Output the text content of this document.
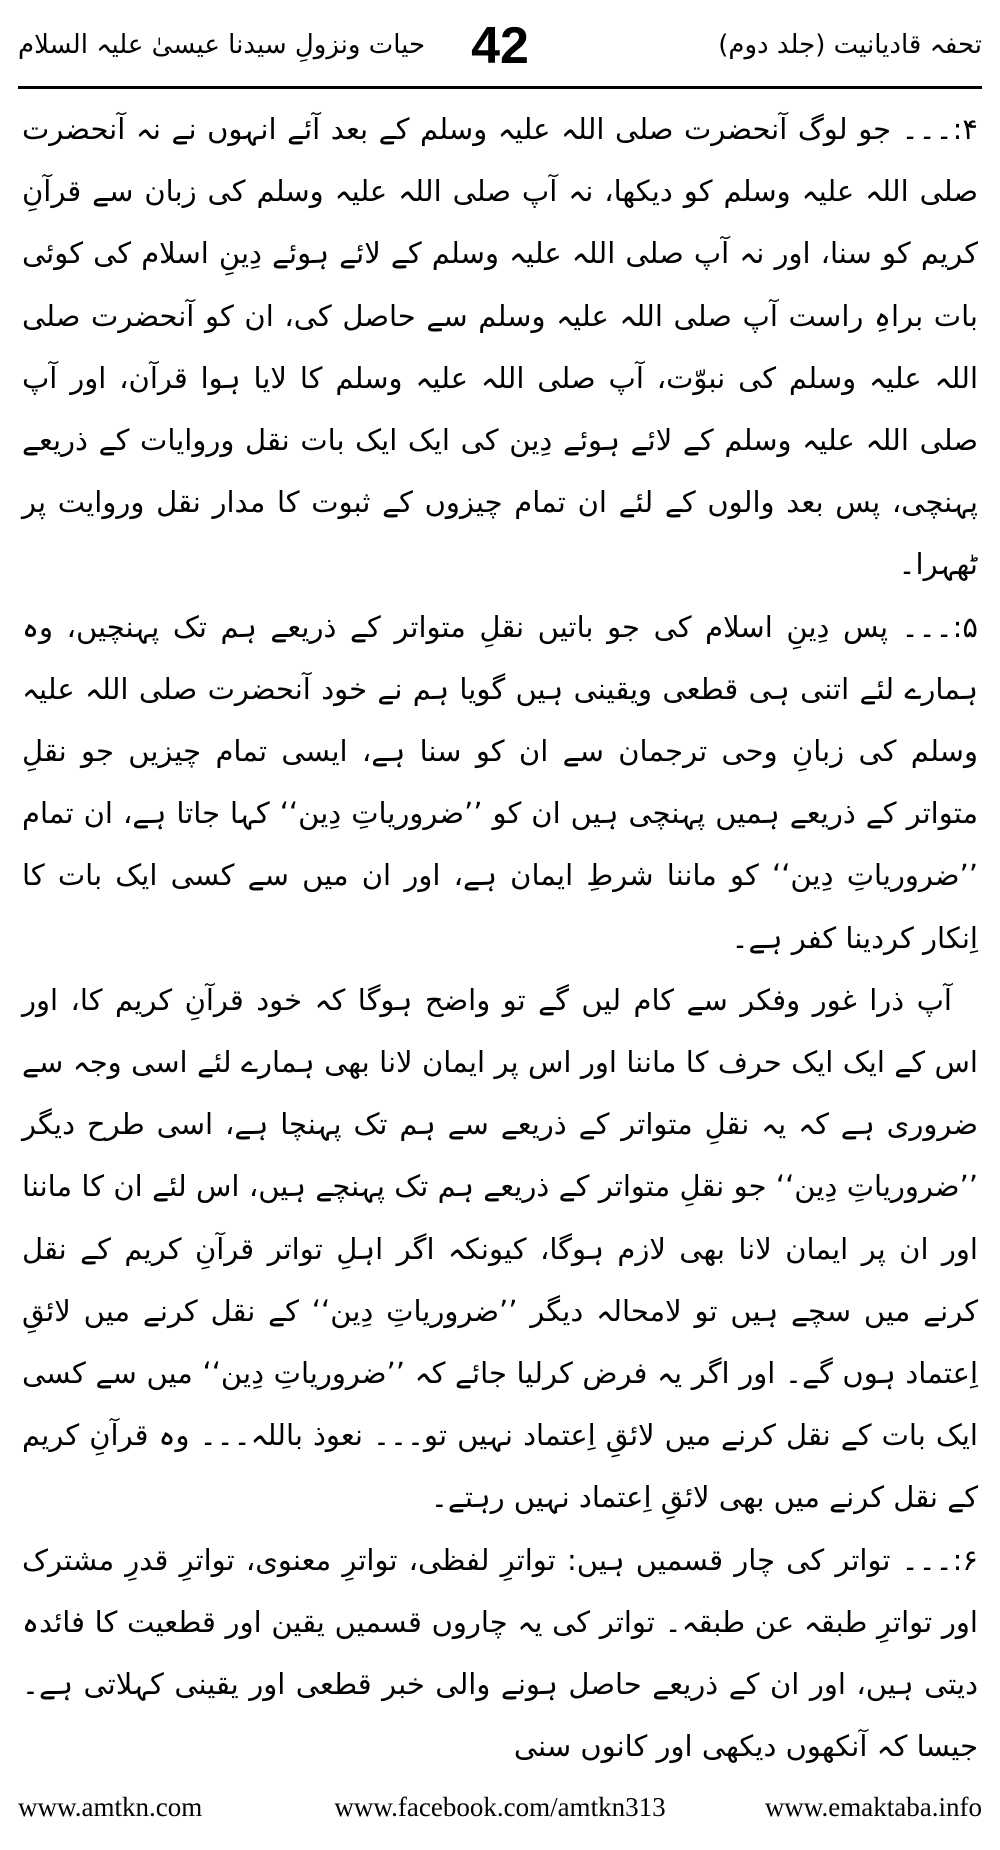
تحفہ قادیانیت (جلد دوم)
42
حیات ونزولِ سیدنا عیسیٰ علیہ السلام

۴:۔۔۔ جو لوگ آنحضرت صلی اللہ علیہ وسلم کے بعد آئے انہوں نے نہ آنحضرت صلی اللہ علیہ وسلم کو دیکھا، نہ آپ صلی اللہ علیہ وسلم کی زبان سے قرآنِ کریم کو سنا، اور نہ آپ صلی اللہ علیہ وسلم کے لائے ہوئے دِینِ اسلام کی کوئی بات براہِ راست آپ صلی اللہ علیہ وسلم سے حاصل کی، ان کو آنحضرت صلی اللہ علیہ وسلم کی نبوّت، آپ صلی اللہ علیہ وسلم کا لایا ہوا قرآن، اور آپ صلی اللہ علیہ وسلم کے لائے ہوئے دِین کی ایک ایک بات نقل وروایات کے ذریعے پہنچی، پس بعد والوں کے لئے ان تمام چیزوں کے ثبوت کا مدار نقل وروایت پر ٹھہرا۔

۵:۔۔۔ پس دِینِ اسلام کی جو باتیں نقلِ متواتر کے ذریعے ہم تک پہنچیں، وہ ہمارے لئے اتنی ہی قطعی ویقینی ہیں گویا ہم نے خود آنحضرت صلی اللہ علیہ وسلم کی زبانِ وحی ترجمان سے ان کو سنا ہے، ایسی تمام چیزیں جو نقلِ متواتر کے ذریعے ہمیں پہنچی ہیں ان کو ’’ضروریاتِ دِین‘‘ کہا جاتا ہے، ان تمام ’’ضروریاتِ دِین‘‘ کو ماننا شرطِ ایمان ہے، اور ان میں سے کسی ایک بات کا اِنکار کردینا کفر ہے۔

آپ ذرا غور وفکر سے کام لیں گے تو واضح ہوگا کہ خود قرآنِ کریم کا، اور اس کے ایک ایک حرف کا ماننا اور اس پر ایمان لانا بھی ہمارے لئے اسی وجہ سے ضروری ہے کہ یہ نقلِ متواتر کے ذریعے سے ہم تک پہنچا ہے، اسی طرح دیگر ’’ضروریاتِ دِین‘‘ جو نقلِ متواتر کے ذریعے ہم تک پہنچے ہیں، اس لئے ان کا ماننا اور ان پر ایمان لانا بھی لازم ہوگا، کیونکہ اگر اہلِ تواتر قرآنِ کریم کے نقل کرنے میں سچے ہیں تو لامحالہ دیگر ’’ضروریاتِ دِین‘‘ کے نقل کرنے میں لائقِ اِعتماد ہوں گے۔ اور اگر یہ فرض کرلیا جائے کہ ’’ضروریاتِ دِین‘‘ میں سے کسی ایک بات کے نقل کرنے میں لائقِ اِعتماد نہیں تو۔۔۔ نعوذ باللہ۔۔۔ وہ قرآنِ کریم کے نقل کرنے میں بھی لائقِ اِعتماد نہیں رہتے۔

۶:۔۔۔ تواتر کی چار قسمیں ہیں: تواترِ لفظی، تواترِ معنوی، تواترِ قدرِ مشترک اور تواترِ طبقہ عن طبقہ۔ تواتر کی یہ چاروں قسمیں یقین اور قطعیت کا فائدہ دیتی ہیں، اور ان کے ذریعے حاصل ہونے والی خبر قطعی اور یقینی کہلاتی ہے۔ جیسا کہ آنکھوں دیکھی اور کانوں سنی

www.amtkn.com	www.facebook.com/amtkn313	www.emaktaba.info
